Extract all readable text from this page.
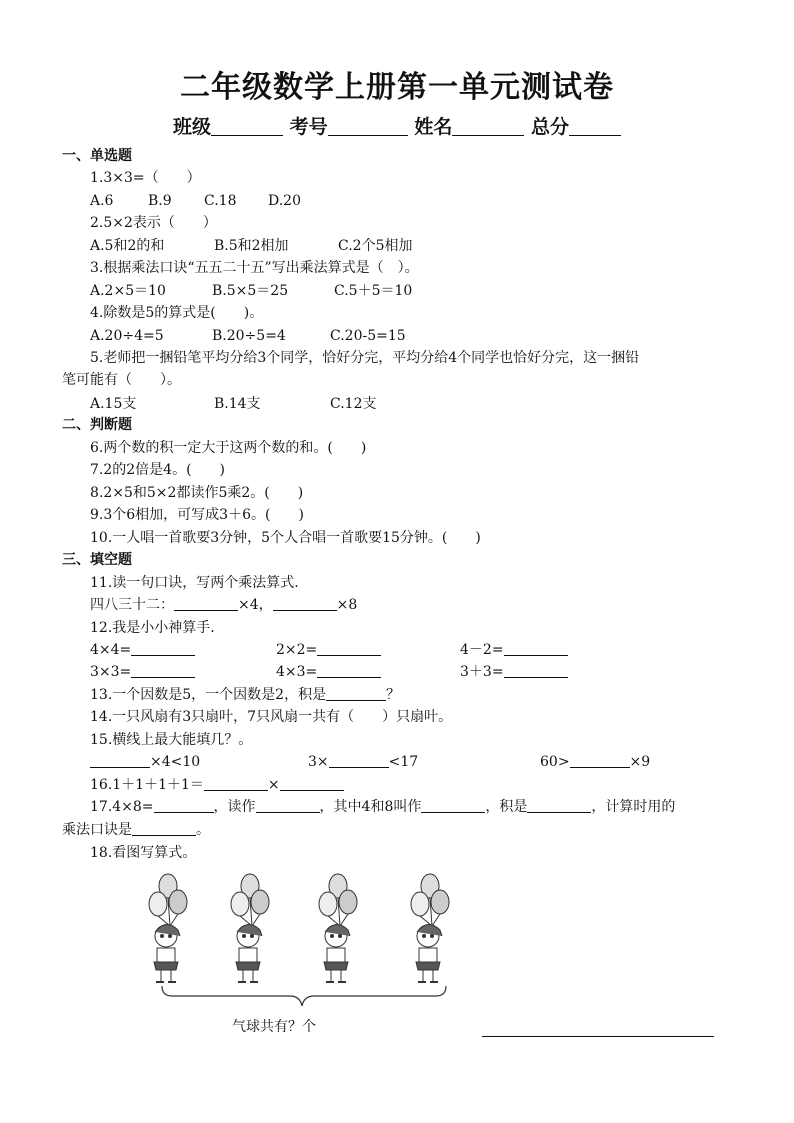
二年级数学上册第一单元测试卷
班级	考号	姓名	总分
一、单选题
1.3×3=（　　）
A.6 B.9 C.18 D.20
2.5×2表示（　　）
A.5和2的和	B.5和2相加	C.2个5相加
3.根据乘法口诀“五五二十五”写出乘法算式是（　）。
A.2×5＝10	B.5×5＝25	C.5＋5＝10
4.除数是5的算式是(　　)。
A.20÷4=5	B.20÷5=4	C.20-5=15
5.老师把一捆铅笔平均分给3个同学，恰好分完，平均分给4个同学也恰好分完，这一捆铅
笔可能有（　　）。
A.15支	B.14支	C.12支
二、判断题
6.两个数的积一定大于这两个数的和。(　　)
7.2的2倍是4。(　　)
8.2×5和5×2都读作5乘2。(　　)
9.3个6相加，可写成3＋6。(　　)
10.一人唱一首歌要3分钟，5个人合唱一首歌要15分钟。(　　)
三、填空题
11.读一句口诀，写两个乘法算式.
四八三十二：	×4，	×8
12.我是小小神算手.
4×4=	2×2=	4－2=
3×3=	4×3=	3＋3=
13.一个因数是5，一个因数是2，积是	？
14.一只风扇有3只扇叶，7只风扇一共有（　　）只扇叶。
15.横线上最大能填几？。
×4<10	3×	<17	60>	×9
16.1＋1＋1＋1＝	×
17.4×8=	，读作	，其中4和8叫作	，积是	，计算时用的
乘法口诀是	。
18.看图写算式。
气球共有？个
